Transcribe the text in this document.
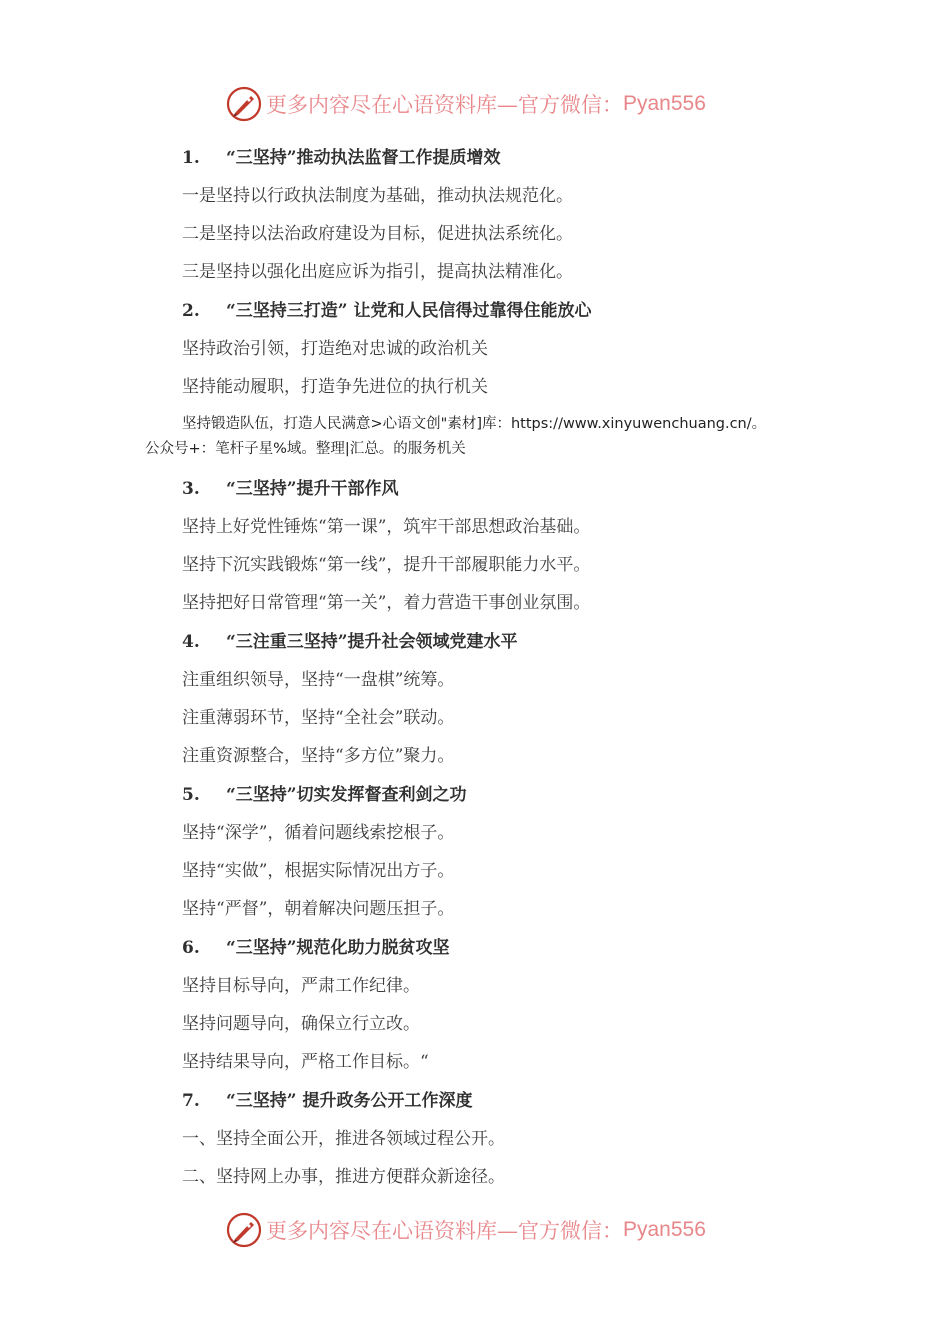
更多内容尽在心语资料库—官方微信： Pyan556
1. “三坚持”推动执法监督工作提质增效
一是坚持以行政执法制度为基础，推动执法规范化。
二是坚持以法治政府建设为目标，促进执法系统化。
三是坚持以强化出庭应诉为指引，提高执法精准化。
2. “三坚持三打造” 让党和人民信得过靠得住能放心
坚持政治引领，打造绝对忠诚的政治机关
坚持能动履职，打造争先进位的执行机关
坚持锻造队伍，打造人民满意>心语文创"素材]库：https://www.xinyuwenchuang.cn/。
公众号+：笔杆子星%域。整理|汇总。的服务机关
3. “三坚持”提升干部作风
坚持上好党性锤炼“第一课”，筑牢干部思想政治基础。
坚持下沉实践锻炼“第一线”，提升干部履职能力水平。
坚持把好日常管理“第一关”，着力营造干事创业氛围。
4. “三注重三坚持”提升社会领域党建水平
注重组织领导，坚持“一盘棋”统筹。
注重薄弱环节，坚持“全社会”联动。
注重资源整合，坚持“多方位”聚力。
5. “三坚持”切实发挥督查利剑之功
坚持“深学”，循着问题线索挖根子。
坚持“实做”，根据实际情况出方子。
坚持“严督”，朝着解决问题压担子。
6. “三坚持”规范化助力脱贫攻坚
坚持目标导向，严肃工作纪律。
坚持问题导向，确保立行立改。
坚持结果导向，严格工作目标。“
7. “三坚持” 提升政务公开工作深度
一、坚持全面公开，推进各领域过程公开。
二、坚持网上办事，推进方便群众新途径。
更多内容尽在心语资料库—官方微信： Pyan556
